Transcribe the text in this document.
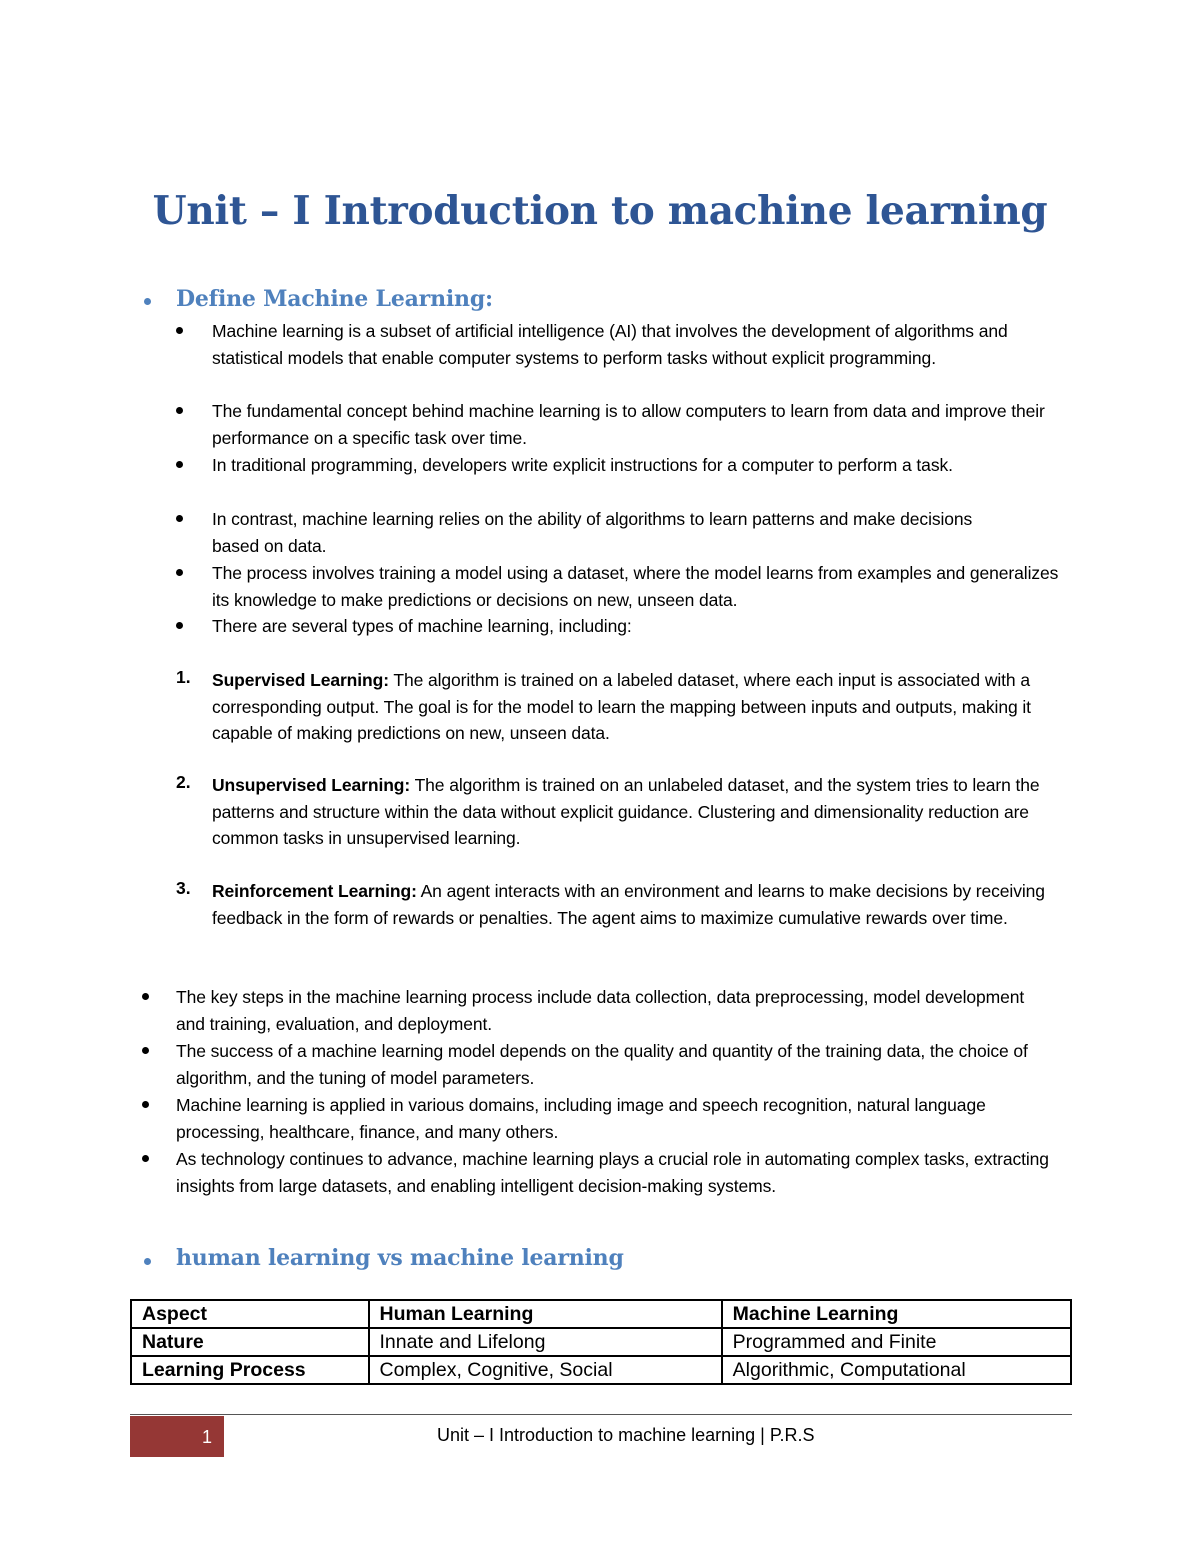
Unit – I Introduction to machine learning
Define Machine Learning:
Machine learning is a subset of artificial intelligence (AI) that involves the development of algorithms and statistical models that enable computer systems to perform tasks without explicit programming.
The fundamental concept behind machine learning is to allow computers to learn from data and improve their performance on a specific task over time.
In traditional programming, developers write explicit instructions for a computer to perform a task.
In contrast, machine learning relies on the ability of algorithms to learn patterns and make decisions based on data.
The process involves training a model using a dataset, where the model learns from examples and generalizes its knowledge to make predictions or decisions on new, unseen data.
There are several types of machine learning, including:
1. Supervised Learning: The algorithm is trained on a labeled dataset, where each input is associated with a corresponding output. The goal is for the model to learn the mapping between inputs and outputs, making it capable of making predictions on new, unseen data.
2. Unsupervised Learning: The algorithm is trained on an unlabeled dataset, and the system tries to learn the patterns and structure within the data without explicit guidance. Clustering and dimensionality reduction are common tasks in unsupervised learning.
3. Reinforcement Learning: An agent interacts with an environment and learns to make decisions by receiving feedback in the form of rewards or penalties. The agent aims to maximize cumulative rewards over time.
The key steps in the machine learning process include data collection, data preprocessing, model development and training, evaluation, and deployment.
The success of a machine learning model depends on the quality and quantity of the training data, the choice of algorithm, and the tuning of model parameters.
Machine learning is applied in various domains, including image and speech recognition, natural language processing, healthcare, finance, and many others.
As technology continues to advance, machine learning plays a crucial role in automating complex tasks, extracting insights from large datasets, and enabling intelligent decision-making systems.
human learning vs machine learning
Aspect	Human Learning	Machine Learning
Nature	Innate and Lifelong	Programmed and Finite
Learning Process	Complex, Cognitive, Social	Algorithmic, Computational
1	Unit – I Introduction to machine learning | P.R.S
